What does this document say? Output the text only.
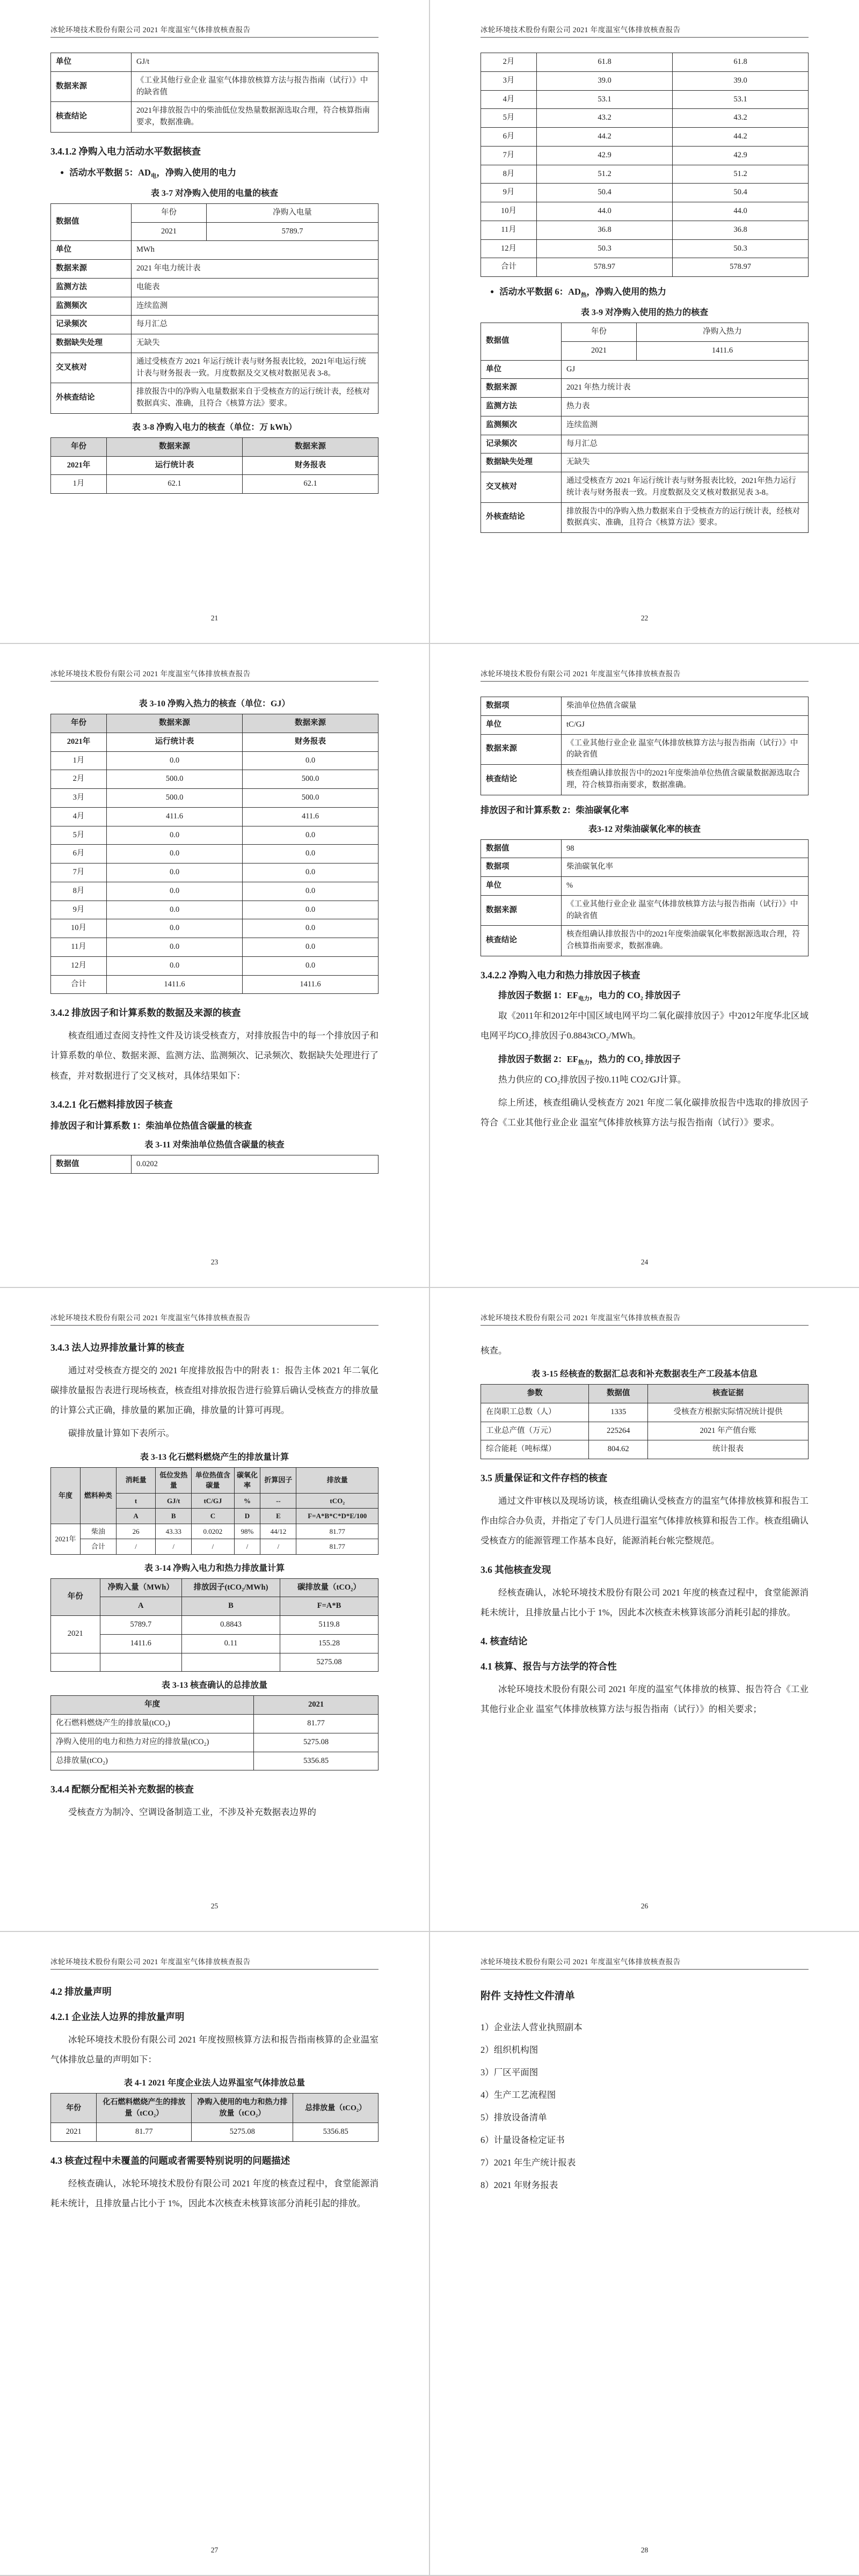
冰轮环境技术股份有限公司 2021 年度温室气体排放核查报告
单位	GJ/t
数据来源	《工业其他行业企业 温室气体排放核算方法与报告指南（试行）》中的缺省值
核查结论	2021年排放报告中的柴油低位发热量数据源选取合理，符合核算指南要求，数据准确。
3.4.1.2 净购入电力活动水平数据核查
● 活动水平数据 5：$AD_电$，净购入使用的电力
表 3-7 对净购入使用的电量的核查
数据值	年份	净购入电量
	2021	5789.7
单位	MWh	
数据来源	2021 年电力统计表	
监测方法	电能表	
监测频次	连续监测	
记录频次	每月汇总	
数据缺失处理	无缺失	
交叉核对	通过受核查方 2021 年运行统计表与财务报表比较，2021年电运行统计表与财务报表一致。月度数据及交叉核对数据见表 3-8。	
外核查结论	排放报告中的净购入电量数据来自于受核查方的运行统计表，经核对数据真实、准确，且符合《核算方法》要求。	
表 3-8 净购入电力的核查（单位：万 kWh）
年份	数据来源	数据来源
2021年	运行统计表	财务报表
1月	62.1	62.1
21
冰轮环境技术股份有限公司 2021 年度温室气体排放核查报告
2月	61.8	61.8
3月	39.0	39.0
4月	53.1	53.1
5月	43.2	43.2
6月	44.2	44.2
7月	42.9	42.9
8月	51.2	51.2
9月	50.4	50.4
10月	44.0	44.0
11月	36.8	36.8
12月	50.3	50.3
合计	578.97	578.97
● 活动水平数据 6：$AD_热$，净购入使用的热力
表 3-9 对净购入使用的热力的核查
数据值	年份	净购入热力
	2021	1411.6
单位	GJ	
数据来源	2021 年热力统计表	
监测方法	热力表	
监测频次	连续监测	
记录频次	每月汇总	
数据缺失处理	无缺失	
交叉核对	通过受核查方 2021 年运行统计表与财务报表比较，2021年热力运行统计表与财务报表一致。月度数据及交叉核对数据见表 3-8。	
外核查结论	排放报告中的净购入热力数据来自于受核查方的运行统计表，经核对数据真实、准确，且符合《核算方法》要求。	
22
冰轮环境技术股份有限公司 2021 年度温室气体排放核查报告
表 3-10 净购入热力的核查（单位：GJ）
年份	数据来源	数据来源
2021年	运行统计表	财务报表
1月	0.0	0.0
2月	500.0	500.0
3月	500.0	500.0
4月	411.6	411.6
5月	0.0	0.0
6月	0.0	0.0
7月	0.0	0.0
8月	0.0	0.0
9月	0.0	0.0
10月	0.0	0.0
11月	0.0	0.0
12月	0.0	0.0
合计	1411.6	1411.6
3.4.2 排放因子和计算系数的数据及来源的核查
核查组通过查阅支持性文件及访谈受核查方，对排放报告中的每一个排放因子和计算系数的单位、数据来源、监测方法、监测频次、记录频次、数据缺失处理进行了核查，并对数据进行了交叉核对，具体结果如下：
3.4.2.1 化石燃料排放因子核查
排放因子和计算系数 1：柴油单位热值含碳量的核查
表 3-11 对柴油单位热值含碳量的核查
数据值	0.0202
23
冰轮环境技术股份有限公司 2021 年度温室气体排放核查报告
数据项	柴油单位热值含碳量
单位	tC/GJ
数据来源	《工业其他行业企业 温室气体排放核算方法与报告指南（试行）》中的缺省值
核查结论	核查组确认排放报告中的2021年度柴油单位热值含碳量数据源选取合理，符合核算指南要求，数据准确。
排放因子和计算系数 2：柴油碳氧化率
表3-12 对柴油碳氧化率的核查
数据值	98
数据项	柴油碳氧化率
单位	%
数据来源	《工业其他行业企业 温室气体排放核算方法与报告指南（试行）》中的缺省值
核查结论	核查组确认排放报告中的2021年度柴油碳氧化率数据源选取合理，符合核算指南要求，数据准确。
3.4.2.2 净购入电力和热力排放因子核查
排放因子数据 1：$EF_{电力}$，电力的 CO₂ 排放因子
取《2011年和2012年中国区域电网平均二氧化碳排放因子》中2012年度华北区域电网平均CO₂排放因子0.8843tCO₂/MWh。
排放因子数据 2：$EF_{热力}$，热力的 CO₂ 排放因子
热力供应的 CO₂排放因子按0.11吨 CO2/GJ计算。
综上所述，核查组确认受核查方 2021 年度二氧化碳排放报告中选取的排放因子符合《工业其他行业企业 温室气体排放核算方法与报告指南（试行）》要求。
24
冰轮环境技术股份有限公司 2021 年度温室气体排放核查报告
3.4.3 法人边界排放量计算的核查
通过对受核查方提交的 2021 年度排放报告中的附表 1：报告主体 2021 年二氧化碳排放量报告表进行现场核查，核查组对排放报告进行验算后确认受核查方的排放量的计算公式正确，排放量的累加正确，排放量的计算可再现。
碳排放量计算如下表所示。
表 3-13 化石燃料燃烧产生的排放量计算
年度	燃料种类	消耗量	低位发热量	单位热值含碳量	碳氧化率	折算因子	排放量
		t	GJ/t	tC/GJ	%	--	tCO₂
		A	B	C	D	E	F=A*B*C*D*E/100
2021年	柴油	26	43.33	0.0202	98%	44/12	81.77
	合计	/	/	/	/	/	81.77
表 3-14 净购入电力和热力排放量计算
年份	净购入量（MWh）	排放因子(tCO₂/MWh)	碳排放量（tCO₂）
	A	B	F=A*B
2021	5789.7	0.8843	5119.8
	1411.6	0.11	155.28
			5275.08
表 3-13 核查确认的总排放量
年度	2021
化石燃料燃烧产生的排放量(tCO₂)	81.77
净购入使用的电力和热力对应的排放量(tCO₂)	5275.08
总排放量(tCO₂)	5356.85
3.4.4 配额分配相关补充数据的核查
受核查方为制冷、空调设备制造工业，不涉及补充数据表边界的
25
冰轮环境技术股份有限公司 2021 年度温室气体排放核查报告
核查。
表 3-15 经核查的数据汇总表和补充数据表生产工段基本信息
参数	数据值	核查证据
在岗职工总数（人）	1335	受核查方根据实际情况统计提供
工业总产值（万元）	225264	2021 年产值台账
综合能耗（吨标煤）	804.62	统计报表
3.5 质量保证和文件存档的核查
通过文件审核以及现场访谈，核查组确认受核查方的温室气体排放核算和报告工作由综合办负责，并指定了专门人员进行温室气体排放核算和报告工作。核查组确认受核查方的能源管理工作基本良好，能源消耗台帐完整规范。
3.6 其他核查发现
经核查确认，冰轮环境技术股份有限公司 2021 年度的核查过程中，食堂能源消耗未统计，且排放量占比小于 1%，因此本次核查未核算该部分消耗引起的排放。
4. 核查结论
4.1 核算、报告与方法学的符合性
冰轮环境技术股份有限公司 2021 年度的温室气体排放的核算、报告符合《工业其他行业企业 温室气体排放核算方法与报告指南（试行）》的相关要求；
26
冰轮环境技术股份有限公司 2021 年度温室气体排放核查报告
4.2 排放量声明
4.2.1 企业法人边界的排放量声明
冰轮环境技术股份有限公司 2021 年度按照核算方法和报告指南核算的企业温室气体排放总量的声明如下：
表 4-1 2021 年度企业法人边界温室气体排放总量
年份	化石燃料燃烧产生的排放量（tCO₂）	净购入使用的电力和热力排放量（tCO₂）	总排放量（tCO₂）
2021	81.77	5275.08	5356.85
4.3 核查过程中未覆盖的问题或者需要特别说明的问题描述
经核查确认，冰轮环境技术股份有限公司 2021 年度的核查过程中，食堂能源消耗未统计，且排放量占比小于 1%，因此本次核查未核算该部分消耗引起的排放。
27
冰轮环境技术股份有限公司 2021 年度温室气体排放核查报告
附件 支持性文件清单
1）企业法人营业执照副本
2）组织机构图
3）厂区平面图
4）生产工艺流程图
5）排放设备清单
6）计量设备检定证书
7）2021 年生产统计报表
8）2021 年财务报表
28
